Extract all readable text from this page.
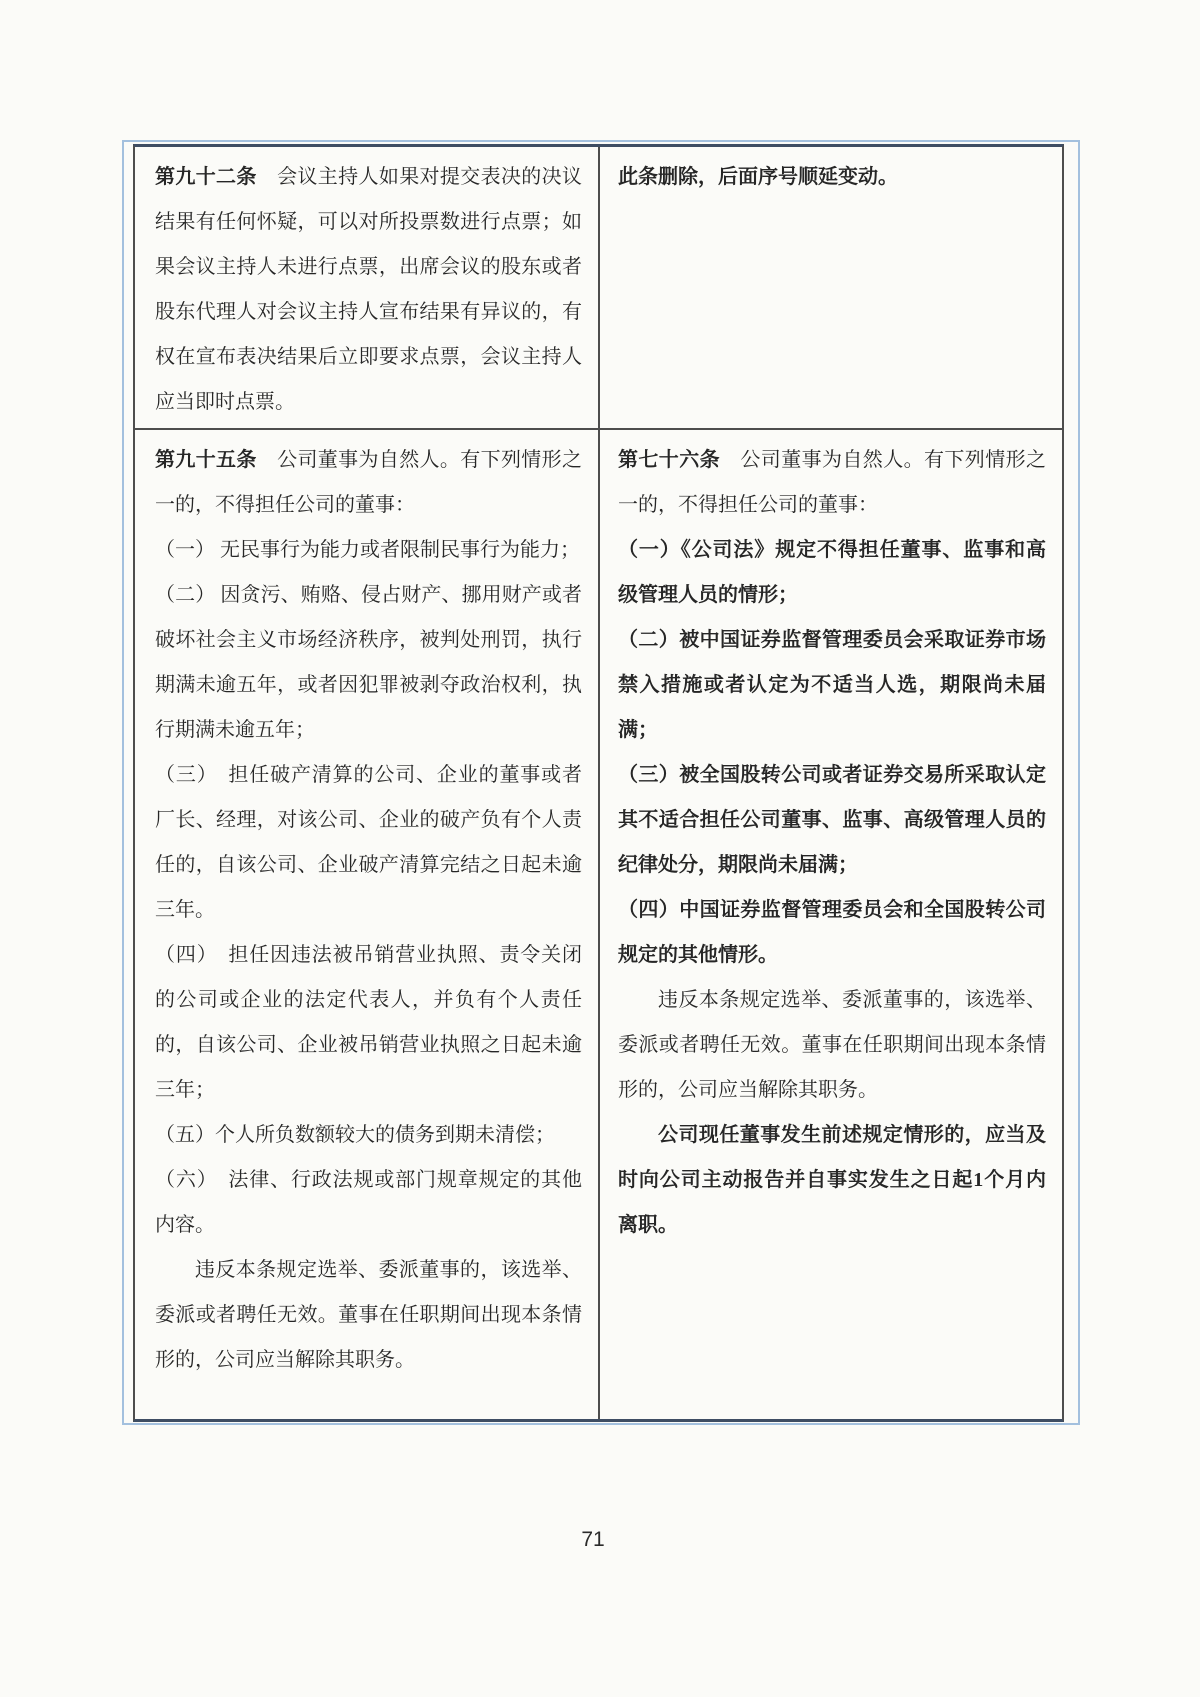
第九十二条　会议主持人如果对提交表决的决议结果有任何怀疑，可以对所投票数进行点票；如果会议主持人未进行点票，出席会议的股东或者股东代理人对会议主持人宣布结果有异议的，有权在宣布表决结果后立即要求点票，会议主持人应当即时点票。

此条删除，后面序号顺延变动。

第九十五条　公司董事为自然人。有下列情形之一的，不得担任公司的董事：

（一） 无民事行为能力或者限制民事行为能力；

（二） 因贪污、贿赂、侵占财产、挪用财产或者破坏社会主义市场经济秩序，被判处刑罚，执行期满未逾五年，或者因犯罪被剥夺政治权利，执行期满未逾五年；

（三）　担任破产清算的公司、企业的董事或者厂长、经理，对该公司、企业的破产负有个人责任的，自该公司、企业破产清算完结之日起未逾三年。

（四）　担任因违法被吊销营业执照、责令关闭的公司或企业的法定代表人，并负有个人责任的，自该公司、企业被吊销营业执照之日起未逾三年；

（五）个人所负数额较大的债务到期未清偿；

（六）　法律、行政法规或部门规章规定的其他内容。

违反本条规定选举、委派董事的，该选举、委派或者聘任无效。董事在任职期间出现本条情形的，公司应当解除其职务。

第七十六条　公司董事为自然人。有下列情形之一的，不得担任公司的董事：

（一）《公司法》规定不得担任董事、监事和高级管理人员的情形；

（二）被中国证券监督管理委员会采取证券市场禁入措施或者认定为不适当人选，期限尚未届满；

（三）被全国股转公司或者证券交易所采取认定其不适合担任公司董事、监事、高级管理人员的纪律处分，期限尚未届满；

（四）中国证券监督管理委员会和全国股转公司规定的其他情形。

违反本条规定选举、委派董事的，该选举、委派或者聘任无效。董事在任职期间出现本条情形的，公司应当解除其职务。

公司现任董事发生前述规定情形的，应当及时向公司主动报告并自事实发生之日起1个月内离职。

71
